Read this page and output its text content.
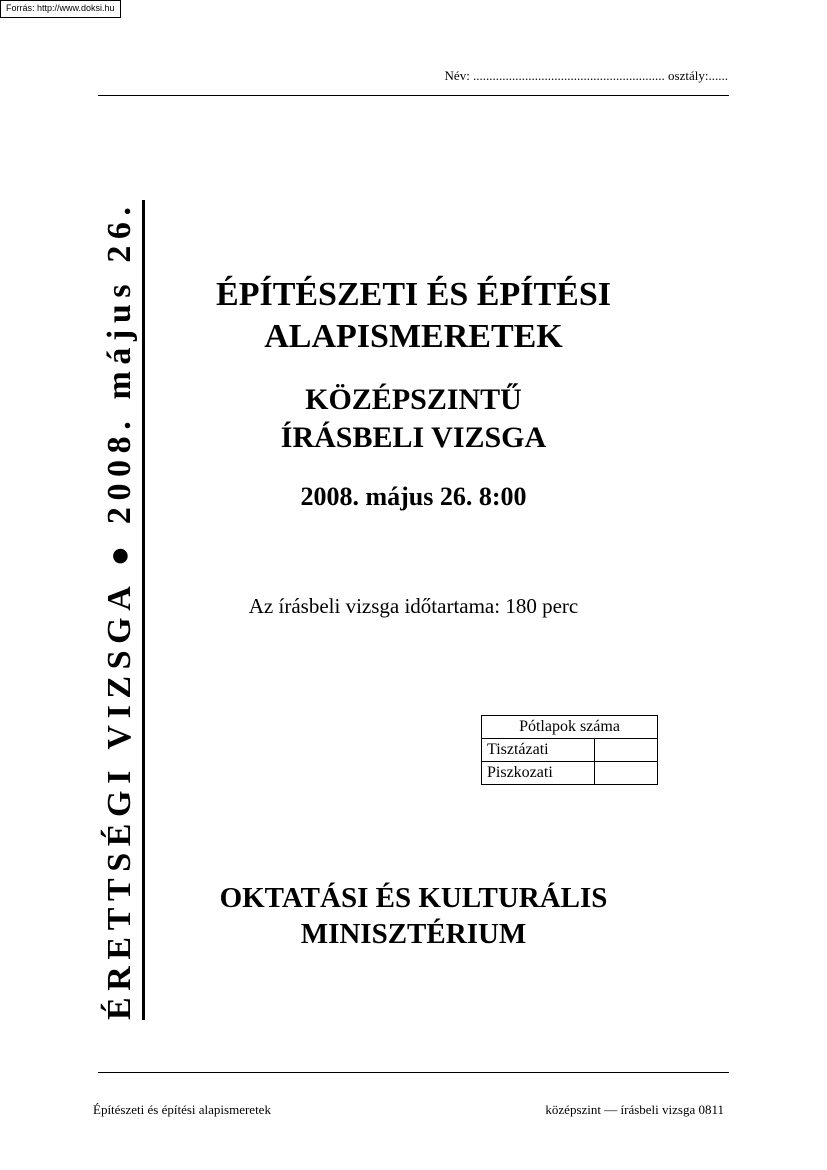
Forrás: http://www.doksi.hu
Név: ........................................................... osztály:......
ÉRETTSÉGI VIZSGA ● 2008. május 26.	ÉPÍTÉSZETI ÉS ÉPÍTÉSI
ALAPISMERETEK
KÖZÉPSZINTŰ
ÍRÁSBELI VIZSGA
2008. május 26. 8:00
Az írásbeli vizsga időtartama: 180 perc
Pótlapok száma	
Tisztázati	
Piszkozati	
OKTATÁSI ÉS KULTURÁLIS
MINISZTÉRIUM
Építészeti és építési alapismeretek	középszint — írásbeli vizsga 0811
